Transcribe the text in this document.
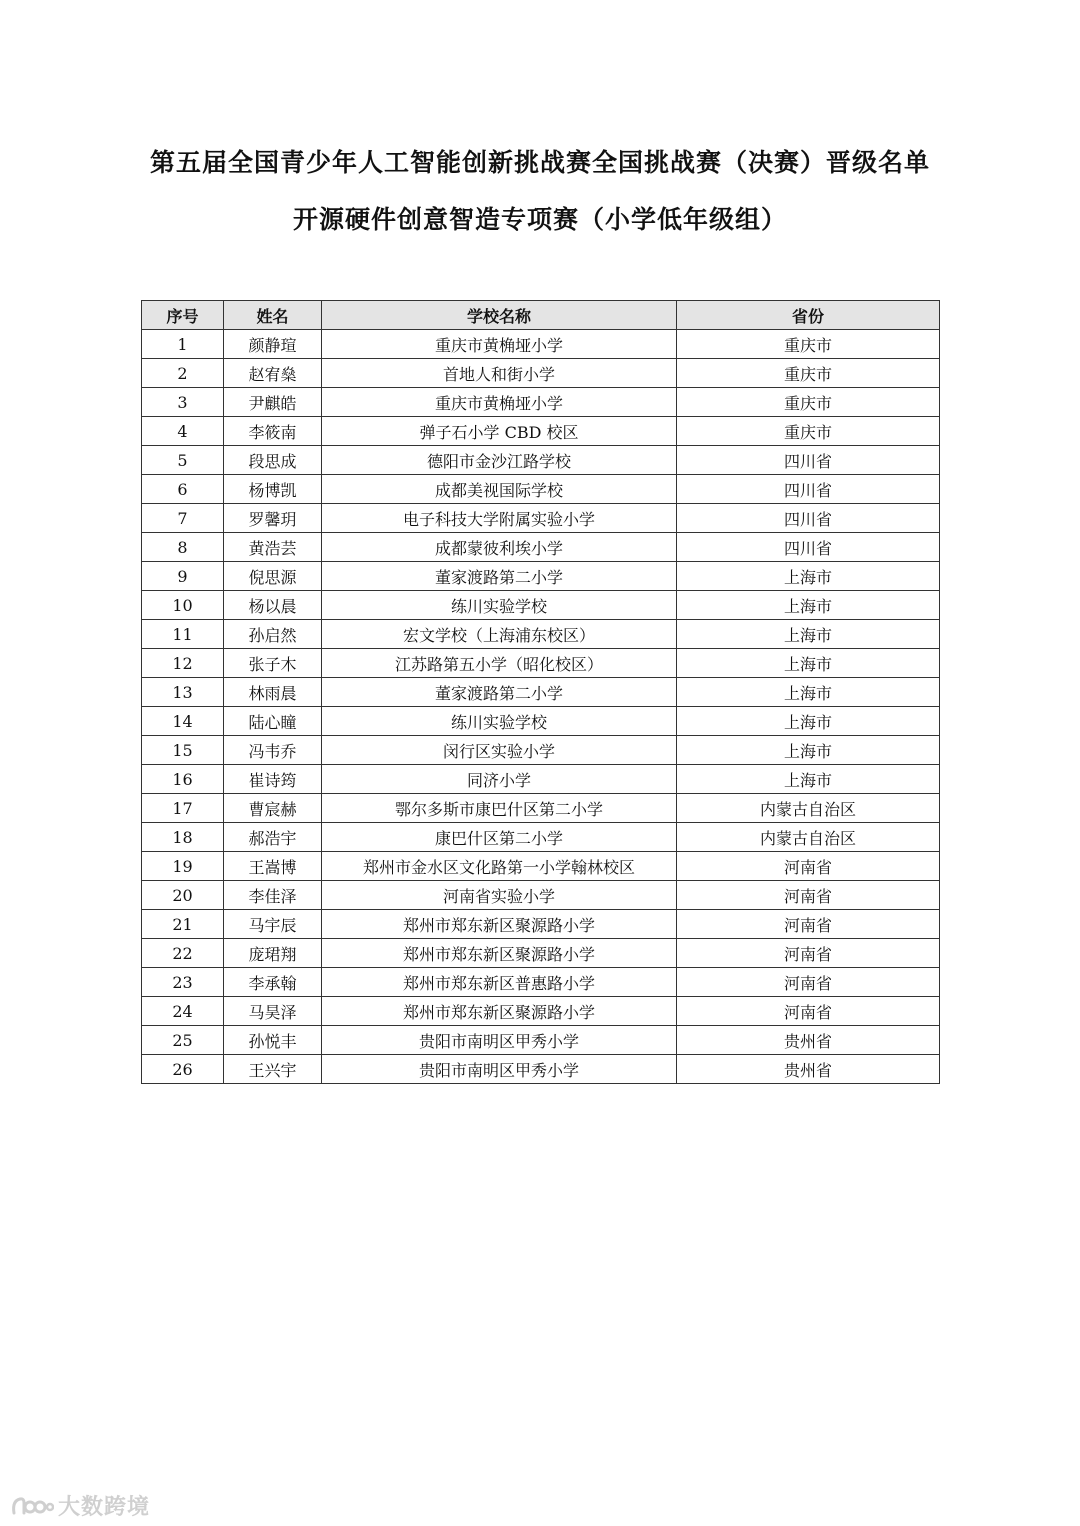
第五届全国青少年人工智能创新挑战赛全国挑战赛（决赛）晋级名单
开源硬件创意智造专项赛（小学低年级组）
序号	姓名	学校名称	省份
1	颜静瑄	重庆市黄桷垭小学	重庆市
2	赵宥燊	首地人和街小学	重庆市
3	尹麒皓	重庆市黄桷垭小学	重庆市
4	李筱南	弹子石小学 CBD 校区	重庆市
5	段思成	德阳市金沙江路学校	四川省
6	杨博凯	成都美视国际学校	四川省
7	罗馨玥	电子科技大学附属实验小学	四川省
8	黄浩芸	成都蒙彼利埃小学	四川省
9	倪思源	董家渡路第二小学	上海市
10	杨以晨	练川实验学校	上海市
11	孙启然	宏文学校（上海浦东校区）	上海市
12	张子木	江苏路第五小学（昭化校区）	上海市
13	林雨晨	董家渡路第二小学	上海市
14	陆心瞳	练川实验学校	上海市
15	冯韦乔	闵行区实验小学	上海市
16	崔诗筠	同济小学	上海市
17	曹宸赫	鄂尔多斯市康巴什区第二小学	内蒙古自治区
18	郝浩宇	康巴什区第二小学	内蒙古自治区
19	王嵩博	郑州市金水区文化路第一小学翰林校区	河南省
20	李佳泽	河南省实验小学	河南省
21	马宇辰	郑州市郑东新区聚源路小学	河南省
22	庞珺翔	郑州市郑东新区聚源路小学	河南省
23	李承翰	郑州市郑东新区普惠路小学	河南省
24	马昊泽	郑州市郑东新区聚源路小学	河南省
25	孙悦丰	贵阳市南明区甲秀小学	贵州省
26	王兴宇	贵阳市南明区甲秀小学	贵州省
大数跨境
